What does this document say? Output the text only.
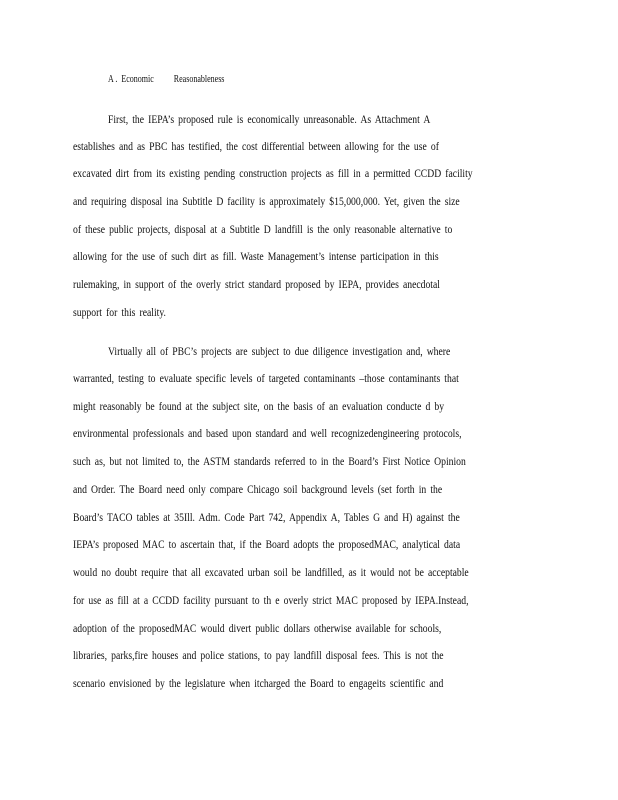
A .  Economic          Reasonableness
First, the IEPA’s proposed rule is economically unreasonable. As Attachment A
establishes and as PBC has testified, the cost differential between allowing for the use of
excavated dirt from its existing pending construction projects as fill in a permitted CCDD facility
and requiring disposal ina Subtitle D facility is approximately $15,000,000. Yet, given the size
of these public projects, disposal at a Subtitle D landfill is the only reasonable alternative to
allowing for the use of such dirt as fill. Waste Management’s intense participation in this
rulemaking, in support of the overly strict standard proposed by IEPA, provides anecdotal
support for this reality.
Virtually all of PBC’s projects are subject to due diligence investigation and, where
warranted, testing to evaluate specific levels of targeted contaminants –those contaminants that
might reasonably be found at the subject site, on the basis of an evaluation conducte d by
environmental professionals and based upon standard and well recognizedengineering protocols,
such as, but not limited to, the ASTM standards referred to in the Board’s First Notice Opinion
and Order. The Board need only compare Chicago soil background levels (set forth in the
Board’s TACO tables at 35Ill. Adm. Code Part 742, Appendix A, Tables G and H) against the
IEPA’s proposed MAC to ascertain that, if the Board adopts the proposedMAC, analytical data
would no doubt require that all excavated urban soil be landfilled, as it would not be acceptable
for use as fill at a CCDD facility pursuant to th e overly strict MAC proposed by IEPA.Instead,
adoption of the proposedMAC would divert public dollars otherwise available for schools,
libraries, parks,fire houses and police stations, to pay landfill disposal fees. This is not the
scenario envisioned by the legislature when itcharged the Board to engageits scientific and
